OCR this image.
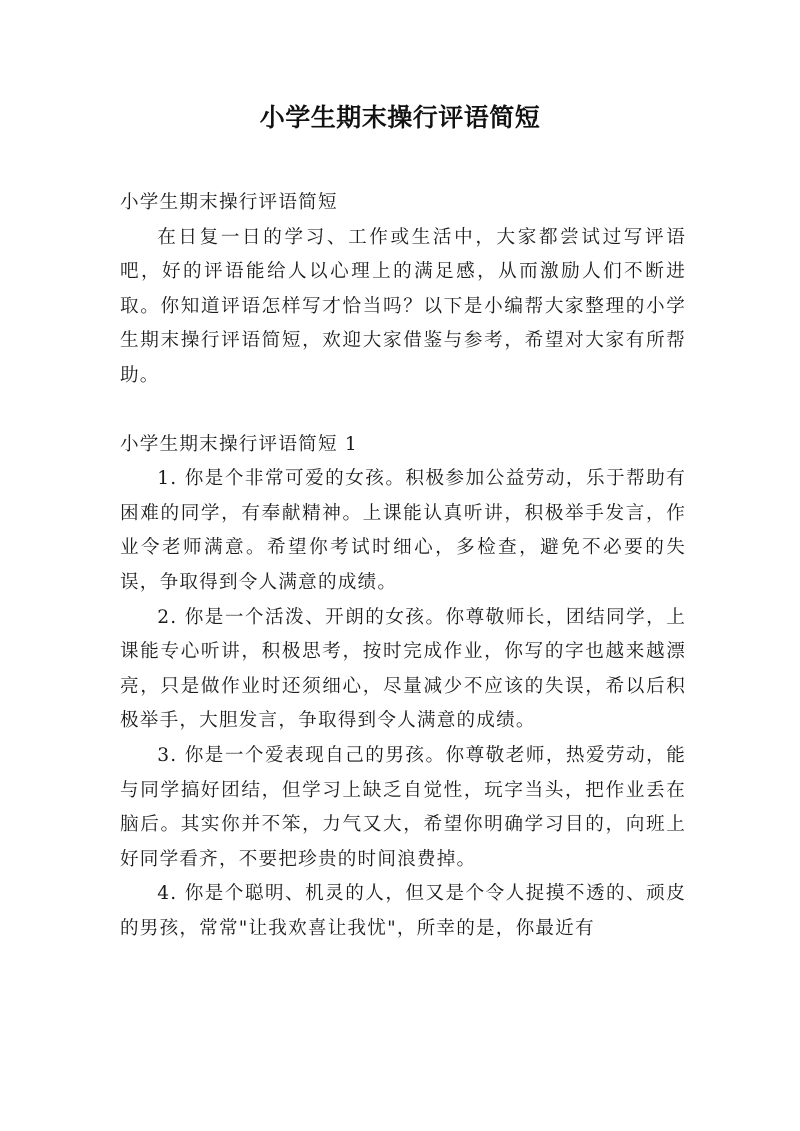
小学生期末操行评语简短

小学生期末操行评语简短

在日复一日的学习、工作或生活中，大家都尝试过写评语吧，好的评语能给人以心理上的满足感，从而激励人们不断进取。你知道评语怎样写才恰当吗？以下是小编帮大家整理的小学生期末操行评语简短，欢迎大家借鉴与参考，希望对大家有所帮助。

小学生期末操行评语简短 1

1. 你是个非常可爱的女孩。积极参加公益劳动，乐于帮助有困难的同学，有奉献精神。上课能认真听讲，积极举手发言，作业令老师满意。希望你考试时细心，多检查，避免不必要的失误，争取得到令人满意的成绩。

2. 你是一个活泼、开朗的女孩。你尊敬师长，团结同学，上课能专心听讲，积极思考，按时完成作业，你写的字也越来越漂亮，只是做作业时还须细心，尽量减少不应该的失误，希以后积极举手，大胆发言，争取得到令人满意的成绩。

3. 你是一个爱表现自己的男孩。你尊敬老师，热爱劳动，能与同学搞好团结，但学习上缺乏自觉性，玩字当头，把作业丢在脑后。其实你并不笨，力气又大，希望你明确学习目的，向班上好同学看齐，不要把珍贵的时间浪费掉。

4. 你是个聪明、机灵的人，但又是个令人捉摸不透的、顽皮的男孩，常常"让我欢喜让我忧"，所幸的是，你最近有
